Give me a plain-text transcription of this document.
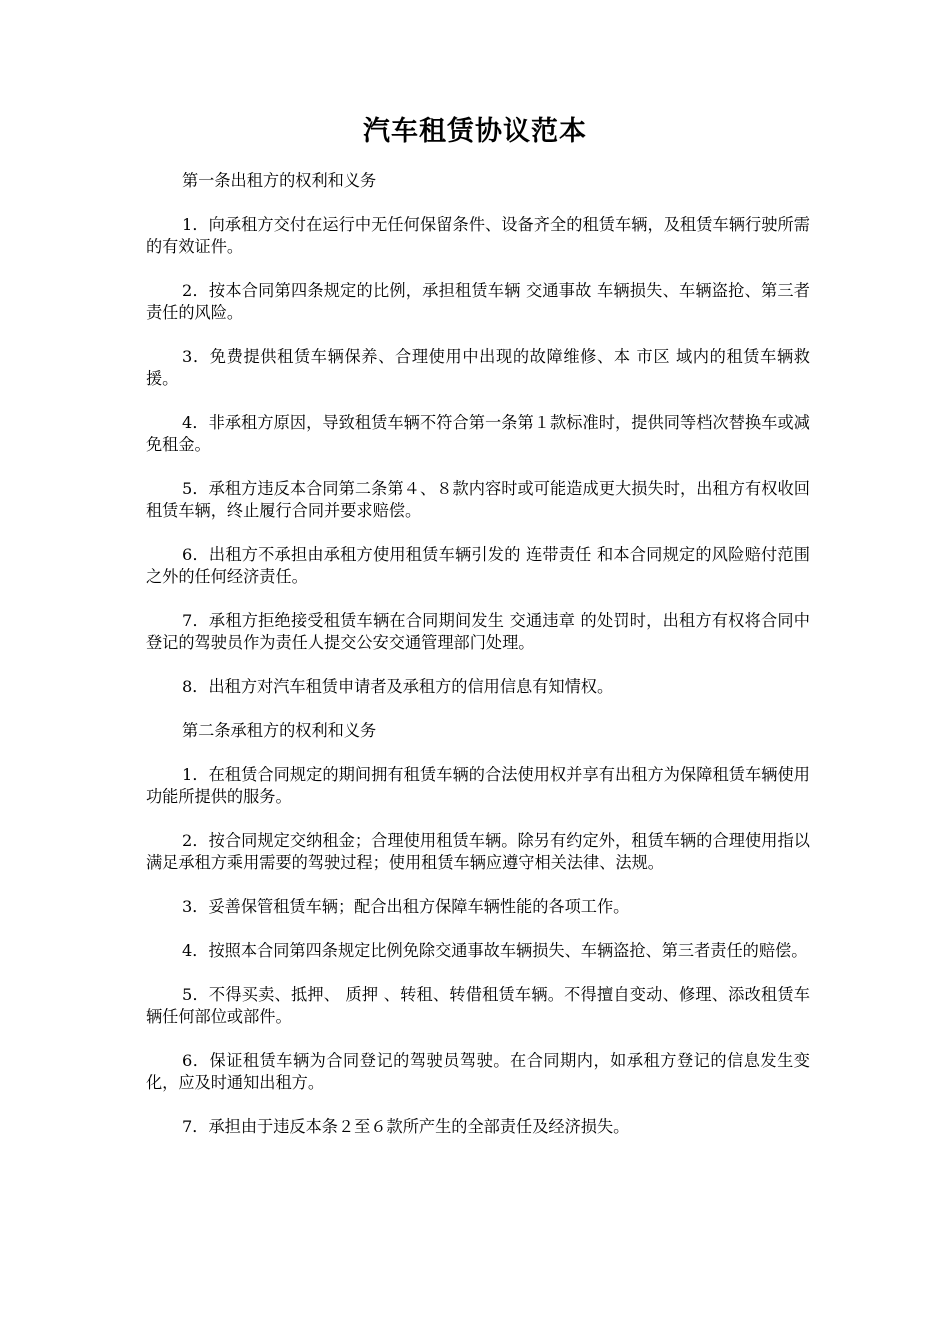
汽车租赁协议范本

第一条出租方的权利和义务

1．向承租方交付在运行中无任何保留条件、设备齐全的租赁车辆，及租赁车辆行驶所需的有效证件。

2．按本合同第四条规定的比例，承担租赁车辆 交通事故 车辆损失、车辆盗抢、第三者责任的风险。

3．免费提供租赁车辆保养、合理使用中出现的故障维修、本 市区 域内的租赁车辆救援。

4．非承租方原因，导致租赁车辆不符合第一条第１款标准时，提供同等档次替换车或减免租金。

5．承租方违反本合同第二条第４、８款内容时或可能造成更大损失时，出租方有权收回租赁车辆，终止履行合同并要求赔偿。

6．出租方不承担由承租方使用租赁车辆引发的 连带责任 和本合同规定的风险赔付范围之外的任何经济责任。

7．承租方拒绝接受租赁车辆在合同期间发生 交通违章 的处罚时，出租方有权将合同中登记的驾驶员作为责任人提交公安交通管理部门处理。

8．出租方对汽车租赁申请者及承租方的信用信息有知情权。

第二条承租方的权利和义务

1．在租赁合同规定的期间拥有租赁车辆的合法使用权并享有出租方为保障租赁车辆使用功能所提供的服务。

2．按合同规定交纳租金；合理使用租赁车辆。除另有约定外，租赁车辆的合理使用指以满足承租方乘用需要的驾驶过程；使用租赁车辆应遵守相关法律、法规。

3．妥善保管租赁车辆；配合出租方保障车辆性能的各项工作。

4．按照本合同第四条规定比例免除交通事故车辆损失、车辆盗抢、第三者责任的赔偿。

5．不得买卖、抵押、 质押 、转租、转借租赁车辆。不得擅自变动、修理、添改租赁车辆任何部位或部件。

6．保证租赁车辆为合同登记的驾驶员驾驶。在合同期内，如承租方登记的信息发生变化，应及时通知出租方。

7．承担由于违反本条２至６款所产生的全部责任及经济损失。
